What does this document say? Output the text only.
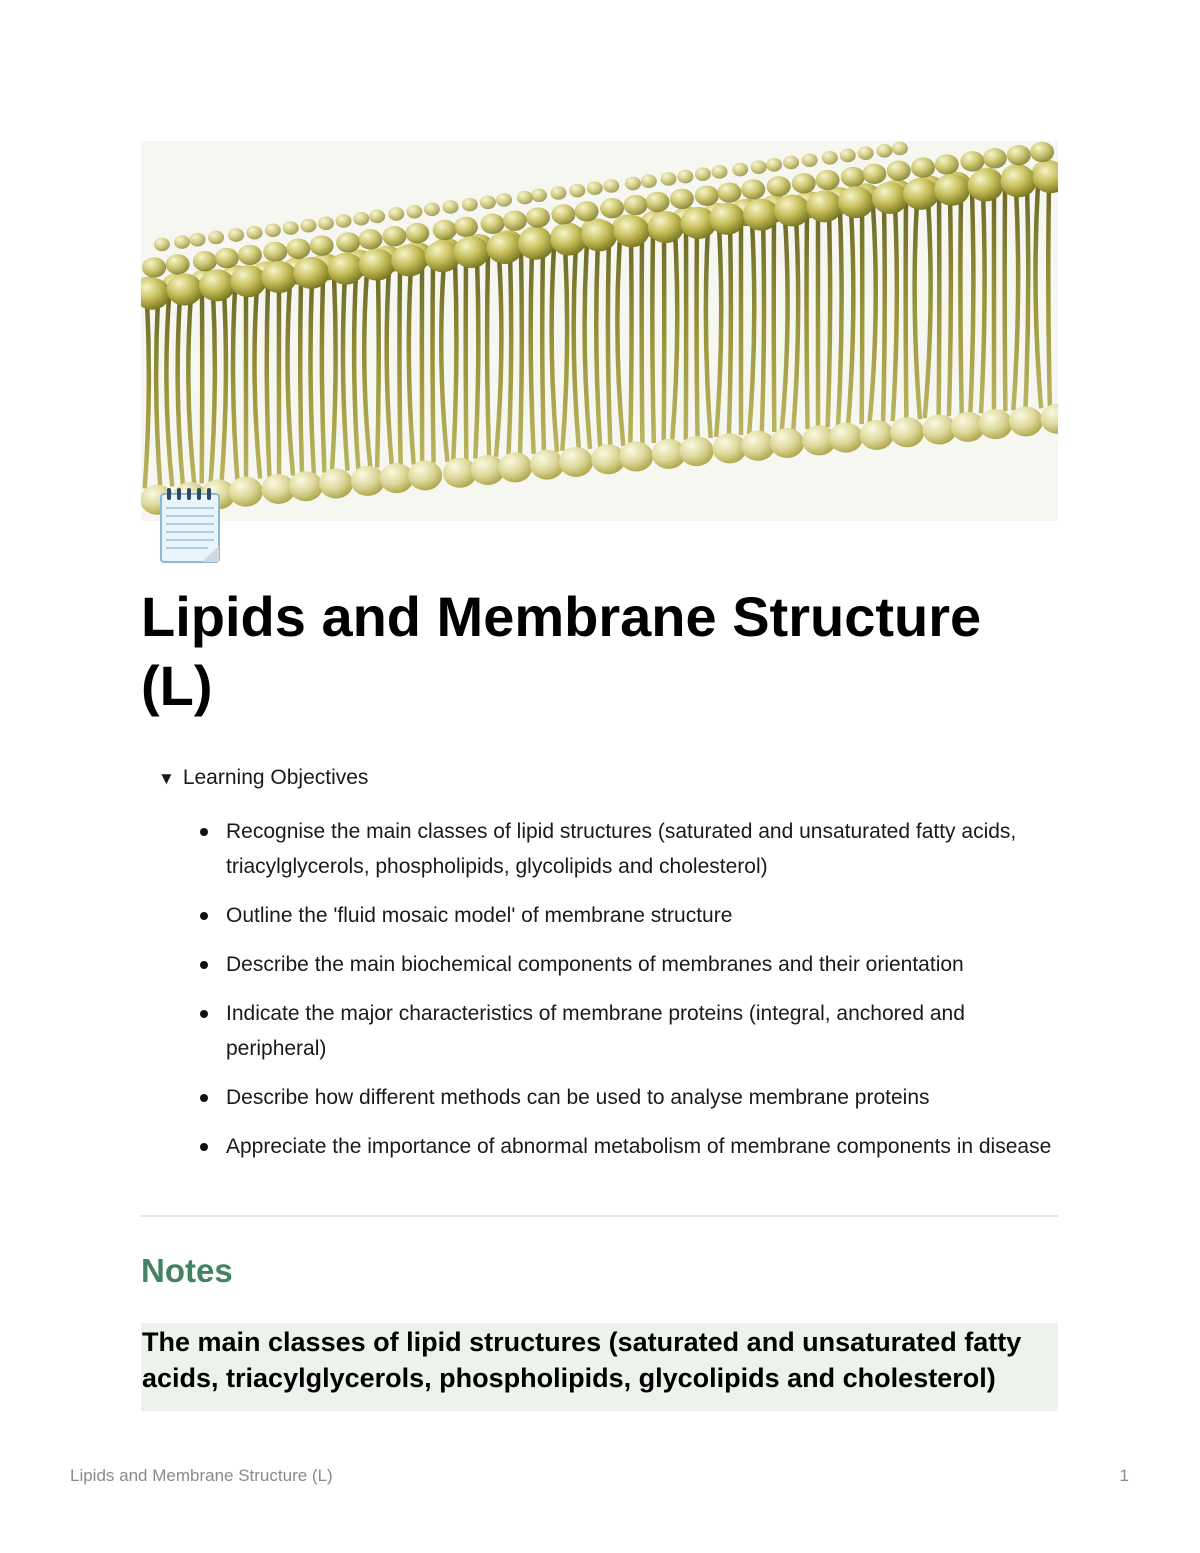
Lipids and Membrane Structure (L)
▼ Learning Objectives
Recognise the main classes of lipid structures (saturated and unsaturated fatty acids, triacylglycerols, phospholipids, glycolipids and cholesterol)
Outline the 'fluid mosaic model' of membrane structure
Describe the main biochemical components of membranes and their orientation
Indicate the major characteristics of membrane proteins (integral, anchored and peripheral)
Describe how different methods can be used to analyse membrane proteins
Appreciate the importance of abnormal metabolism of membrane components in disease
Notes

The main classes of lipid structures (saturated and unsaturated fatty acids, triacylglycerols, phospholipids, glycolipids and cholesterol)

Lipids and Membrane Structure (L)	1
